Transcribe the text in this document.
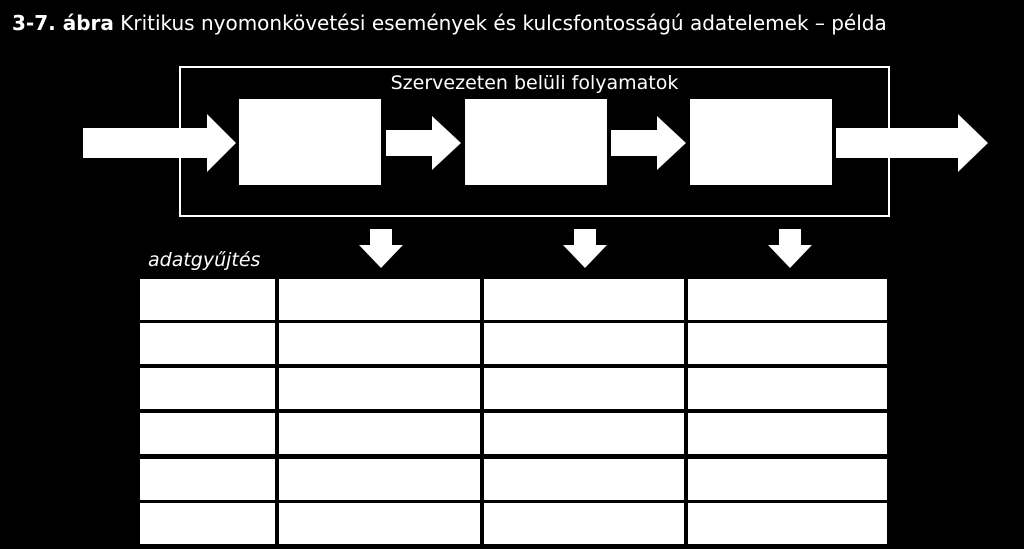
3-7. ábra Kritikus nyomonkövetési események és kulcsfontosságú adatelemek – példa
Szervezeten belüli folyamatok
adatgyűjtés
